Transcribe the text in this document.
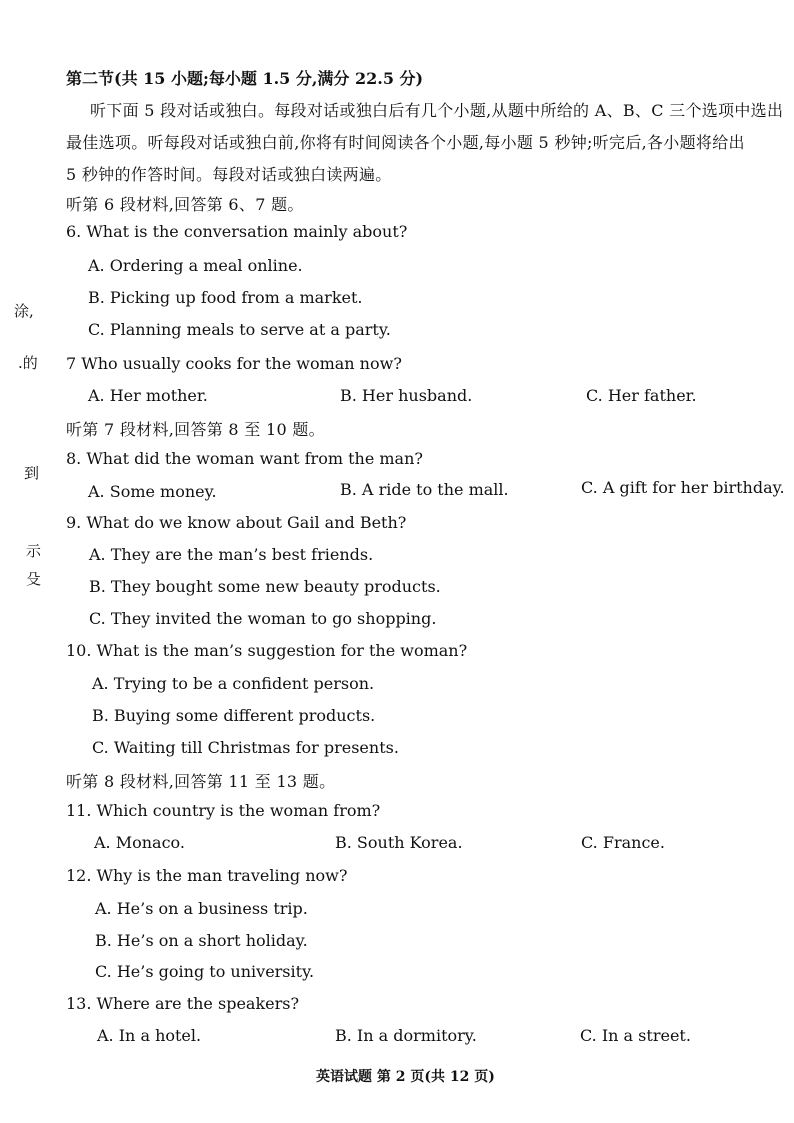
第二节(共 15 小题;每小题 1.5 分,满分 22.5 分)
听下面 5 段对话或独白。每段对话或独白后有几个小题,从题中所给的 A、B、C 三个选项中选出
最佳选项。听每段对话或独白前,你将有时间阅读各个小题,每小题 5 秒钟;听完后,各小题将给出
5 秒钟的作答时间。每段对话或独白读两遍。
涂,
.的
到
示
殳
听第 6 段材料,回答第 6、7 题。
6. What is the conversation mainly about?
A. Ordering a meal online.
B. Picking up food from a market.
C. Planning meals to serve at a party.
7 Who usually cooks for the woman now?
A. Her mother.	B. Her husband.	C. Her father.
听第 7 段材料,回答第 8 至 10 题。
8. What did the woman want from the man?
A. Some money.	B. A ride to the mall.	C. A gift for her birthday.
9. What do we know about Gail and Beth?
A. They are the man’s best friends.
B. They bought some new beauty products.
C. They invited the woman to go shopping.
10. What is the man’s suggestion for the woman?
A. Trying to be a confident person.
B. Buying some different products.
C. Waiting till Christmas for presents.
听第 8 段材料,回答第 11 至 13 题。
11. Which country is the woman from?
A. Monaco.	B. South Korea.	C. France.
12. Why is the man traveling now?
A. He’s on a business trip.
B. He’s on a short holiday.
C. He’s going to university.
13. Where are the speakers?
A. In a hotel.	B. In a dormitory.	C. In a street.
英语试题 第 2 页(共 12 页)
